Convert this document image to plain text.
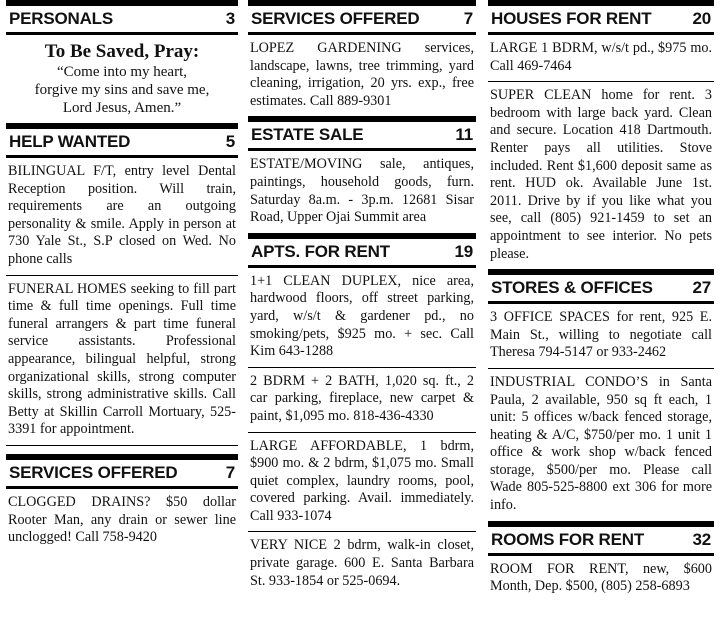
PERSONALS	3
To Be Saved, Pray:
“Come into my heart,
forgive my sins and save me,
Lord Jesus, Amen.”
HELP WANTED	5
BILINGUAL F/T, entry level Dental Reception position. Will train, requirements are an outgoing personality & smile. Apply in person at 730 Yale St., S.P closed on Wed. No phone calls
FUNERAL HOMES seeking to fill part time & full time openings. Full time funeral arrangers & part time funeral service assistants. Professional appearance, bilingual helpful, strong organizational skills, strong computer skills, strong administrative skills. Call Betty at Skillin Carroll Mortuary, 525-3391 for appointment.
SERVICES OFFERED	7
CLOGGED DRAINS? $50 dollar Rooter Man, any drain or sewer line unclogged! Call 758-9420
SERVICES OFFERED	7
LOPEZ GARDENING services, landscape, lawns, tree trimming, yard cleaning, irrigation, 20 yrs. exp., free estimates. Call 889-9301
ESTATE SALE	11
ESTATE/MOVING sale, antiques, paintings, household goods, furn. Saturday 8a.m. - 3p.m. 12681 Sisar Road, Upper Ojai Summit area
APTS. FOR RENT	19
1+1 CLEAN DUPLEX, nice area, hardwood floors, off street parking, yard, w/s/t & gardener pd., no smoking/pets, $925 mo. + sec. Call Kim 643-1288
2 BDRM + 2 BATH, 1,020 sq. ft., 2 car parking, fireplace, new carpet & paint, $1,095 mo. 818-436-4330
LARGE AFFORDABLE, 1 bdrm, $900 mo. & 2 bdrm, $1,075 mo. Small quiet complex, laundry rooms, pool, covered parking. Avail. immediately. Call 933-1074
VERY NICE 2 bdrm, walk-in closet, private garage. 600 E. Santa Barbara St. 933-1854 or 525-0694.
HOUSES FOR RENT 20
LARGE 1 BDRM, w/s/t pd., $975 mo. Call 469-7464
SUPER CLEAN home for rent. 3 bedroom with large back yard. Clean and secure. Location 418 Dartmouth. Renter pays all utilities. Stove included. Rent $1,600 deposit same as rent. HUD ok. Available June 1st. 2011. Drive by if you like what you see, call (805) 921-1459 to set an appointment to see interior. No pets please.
STORES & OFFICES 27
3 OFFICE SPACES for rent, 925 E. Main St., willing to negotiate call Theresa 794-5147 or 933-2462
INDUSTRIAL CONDO’S in Santa Paula, 2 available, 950 sq ft each, 1 unit: 5 offices w/back fenced storage, heating & A/C, $750/per mo. 1 unit 1 office & work shop w/back fenced storage, $500/per mo. Please call Wade 805-525-8800 ext 306 for more info.
ROOMS FOR RENT	32
ROOM FOR RENT, new, $600 Month, Dep. $500, (805) 258-6893
